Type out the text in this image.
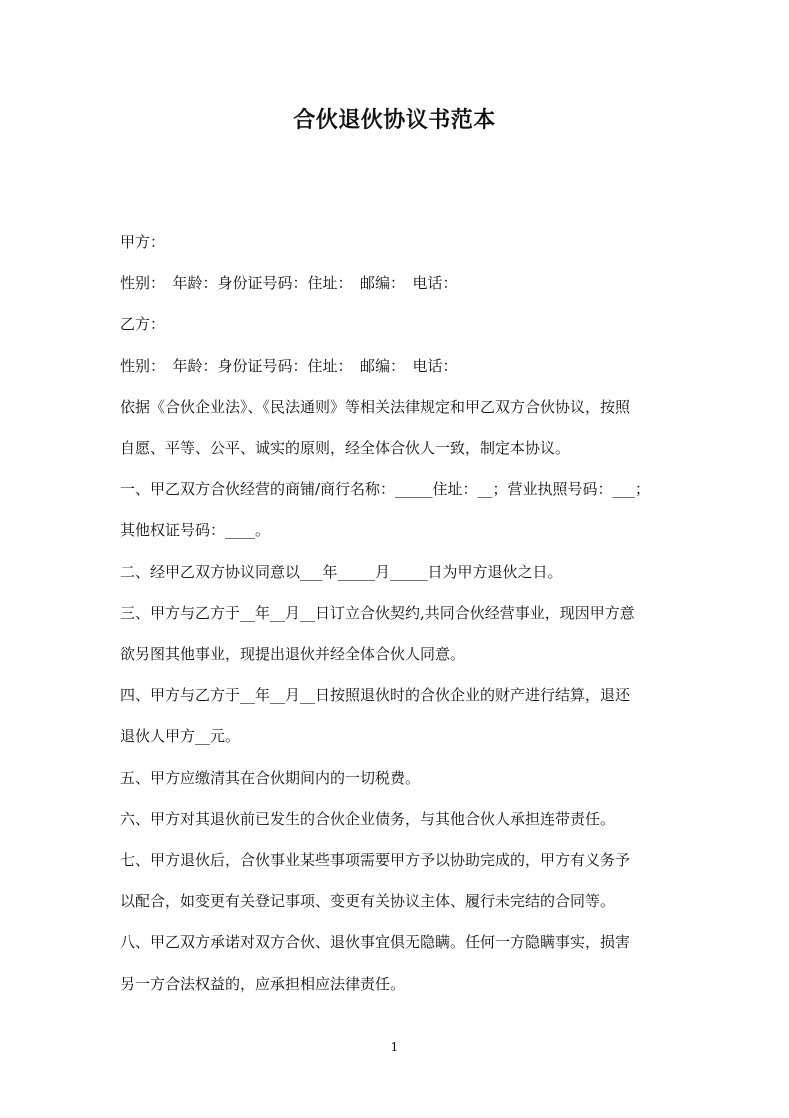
合伙退伙协议书范本

甲方：

性别：　年龄：身份证号码：住址：　邮编：　电话：

乙方：

性别：　年龄：身份证号码：住址：　邮编：　电话：

依据《合伙企业法》、《民法通则》等相关法律规定和甲乙双方合伙协议，按照

自愿、平等、公平、诚实的原则，经全体合伙人一致，制定本协议。

一、甲乙双方合伙经营的商铺/商行名称：_____住址：__；营业执照号码：___；

其他权证号码：____。

二、经甲乙双方协议同意以___年_____月_____日为甲方退伙之日。

三、甲方与乙方于__年__月__日订立合伙契约,共同合伙经营事业，现因甲方意

欲另图其他事业，现提出退伙并经全体合伙人同意。

四、甲方与乙方于__年__月__日按照退伙时的合伙企业的财产进行结算，退还

退伙人甲方__元。

五、甲方应缴清其在合伙期间内的一切税费。

六、甲方对其退伙前已发生的合伙企业债务，与其他合伙人承担连带责任。

七、甲方退伙后，合伙事业某些事项需要甲方予以协助完成的，甲方有义务予

以配合，如变更有关登记事项、变更有关协议主体、履行未完结的合同等。

八、甲乙双方承诺对双方合伙、退伙事宜俱无隐瞒。任何一方隐瞒事实，损害

另一方合法权益的，应承担相应法律责任。

1
